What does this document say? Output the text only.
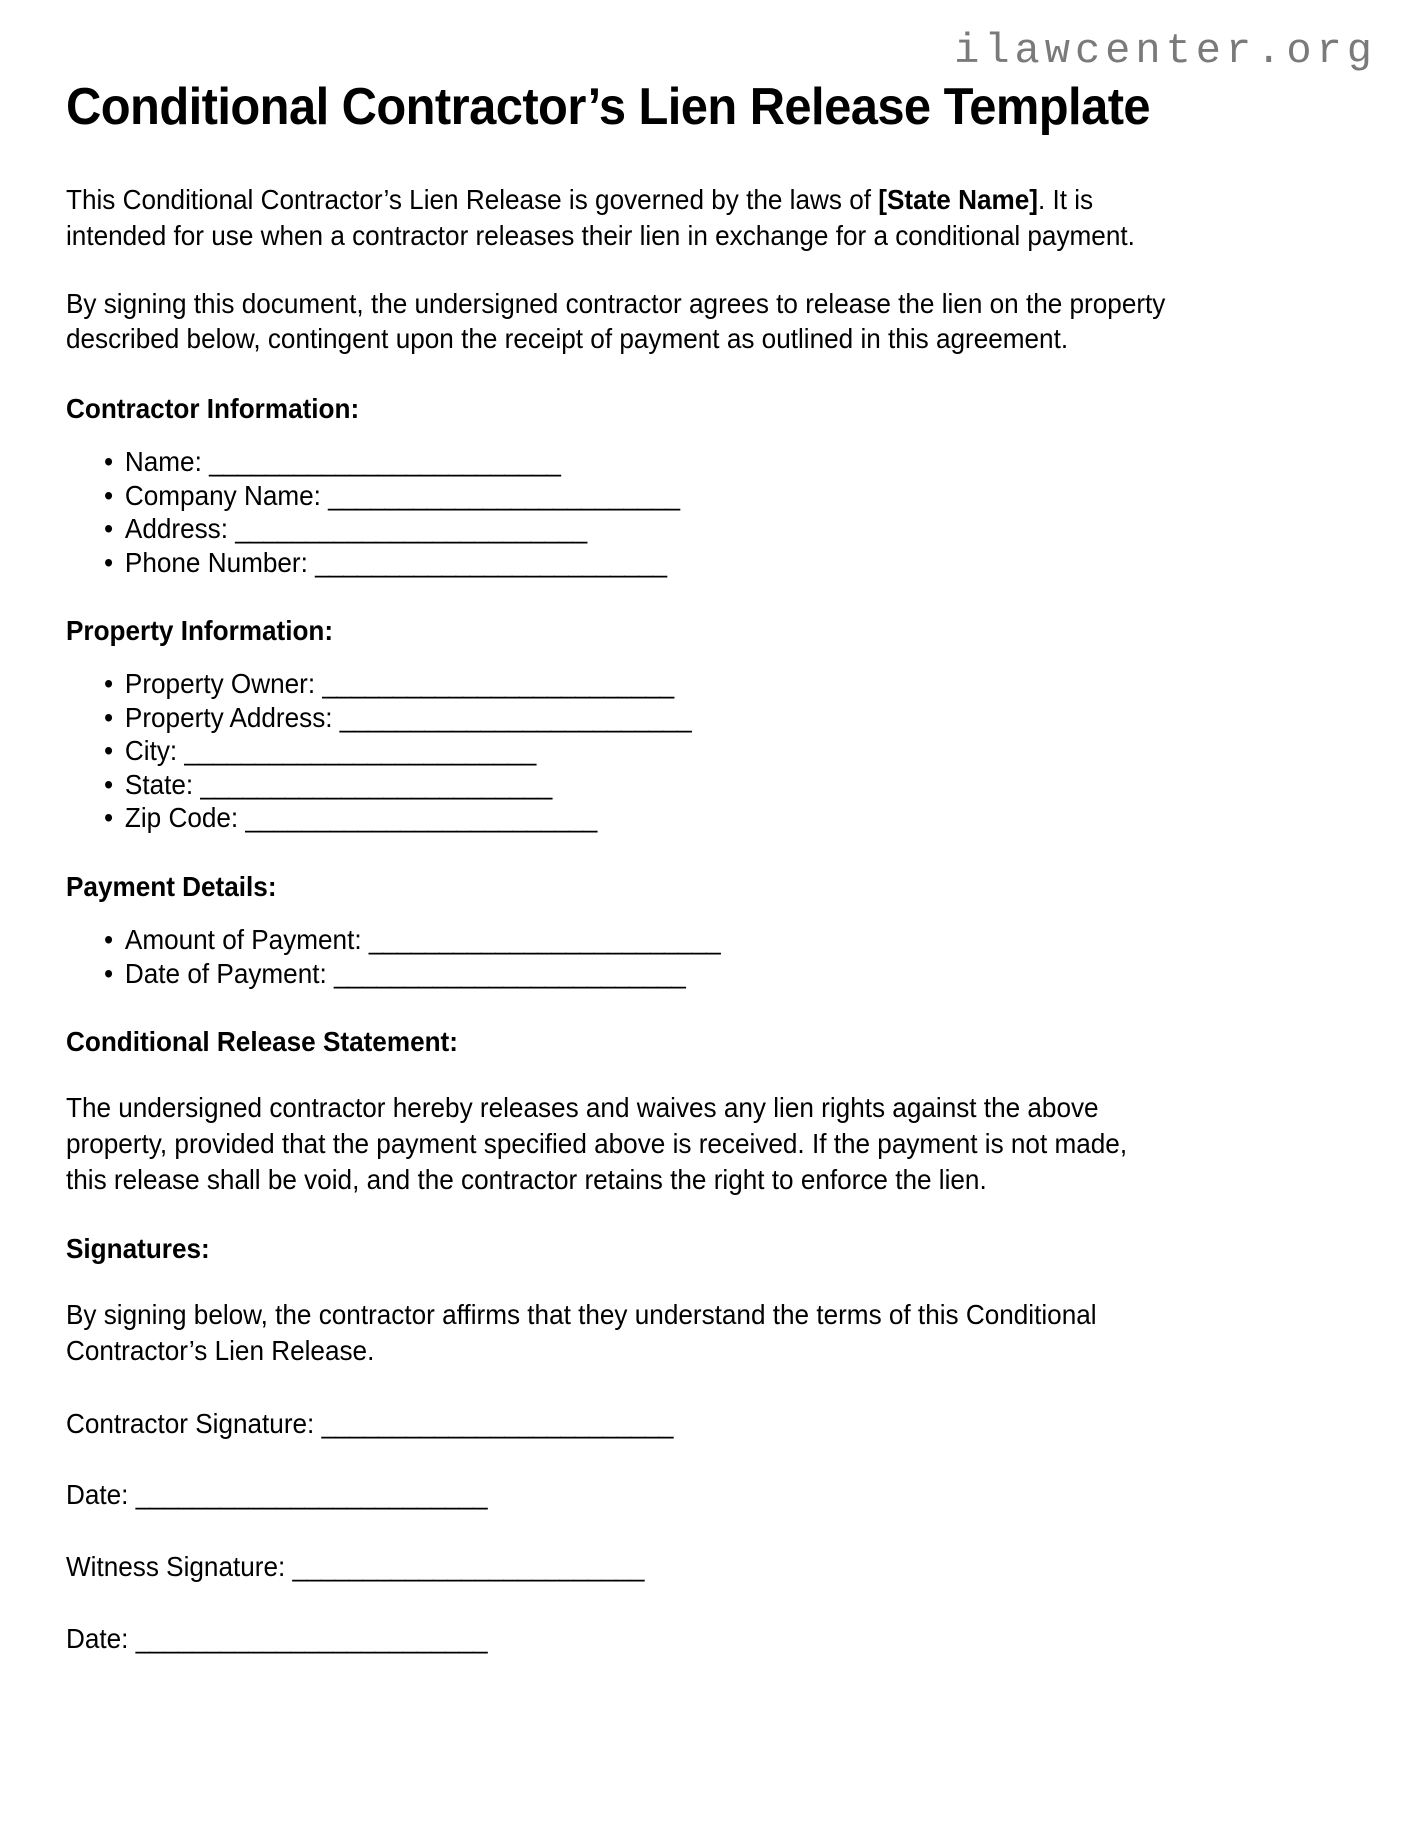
ilawcenter.org
Conditional Contractor’s Lien Release Template

This Conditional Contractor’s Lien Release is governed by the laws of [State Name]. It is intended for use when a contractor releases their lien in exchange for a conditional payment.

By signing this document, the undersigned contractor agrees to release the lien on the property described below, contingent upon the receipt of payment as outlined in this agreement.

Contractor Information:
• Name: _________________________
• Company Name: _________________________
• Address: _________________________
• Phone Number: _________________________
Property Information:
• Property Owner: _________________________
• Property Address: _________________________
• City: _________________________
• State: _________________________
• Zip Code: _________________________
Payment Details:
• Amount of Payment: _________________________
• Date of Payment: _________________________
Conditional Release Statement:

The undersigned contractor hereby releases and waives any lien rights against the above property, provided that the payment specified above is received. If the payment is not made, this release shall be void, and the contractor retains the right to enforce the lien.

Signatures:

By signing below, the contractor affirms that they understand the terms of this Conditional Contractor’s Lien Release.

Contractor Signature: _________________________

Date: _________________________

Witness Signature: _________________________

Date: _________________________
